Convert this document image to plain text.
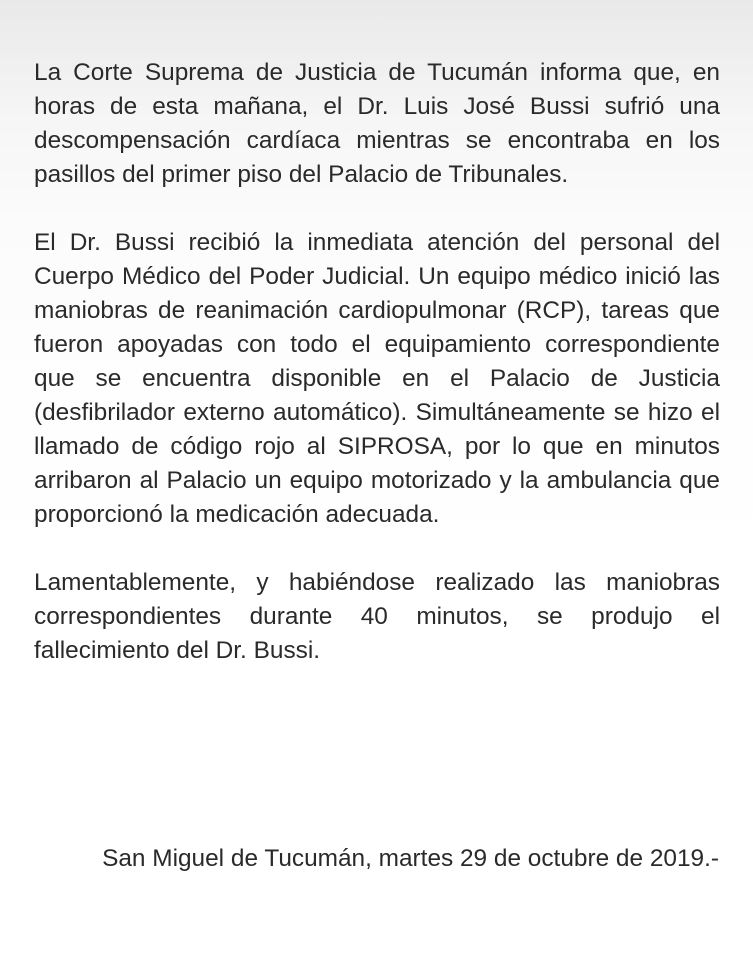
La Corte Suprema de Justicia de Tucumán informa que, en horas de esta mañana, el Dr. Luis José Bussi sufrió una descompensación cardíaca mientras se encontraba en los pasillos del primer piso del Palacio de Tribunales.

El Dr. Bussi recibió la inmediata atención del personal del Cuerpo Médico del Poder Judicial. Un equipo médico inició las maniobras de reanimación cardiopulmonar (RCP), tareas que fueron apoyadas con todo el equipamiento correspondiente que se encuentra disponible en el Palacio de Justicia (desfibrilador externo automático). Simultáneamente se hizo el llamado de código rojo al SIPROSA, por lo que en minutos arribaron al Palacio un equipo motorizado y la ambulancia que proporcionó la medicación adecuada.

Lamentablemente, y habiéndose realizado las maniobras correspondientes durante 40 minutos, se produjo el fallecimiento del Dr. Bussi.

San Miguel de Tucumán, martes 29 de octubre de 2019.-
